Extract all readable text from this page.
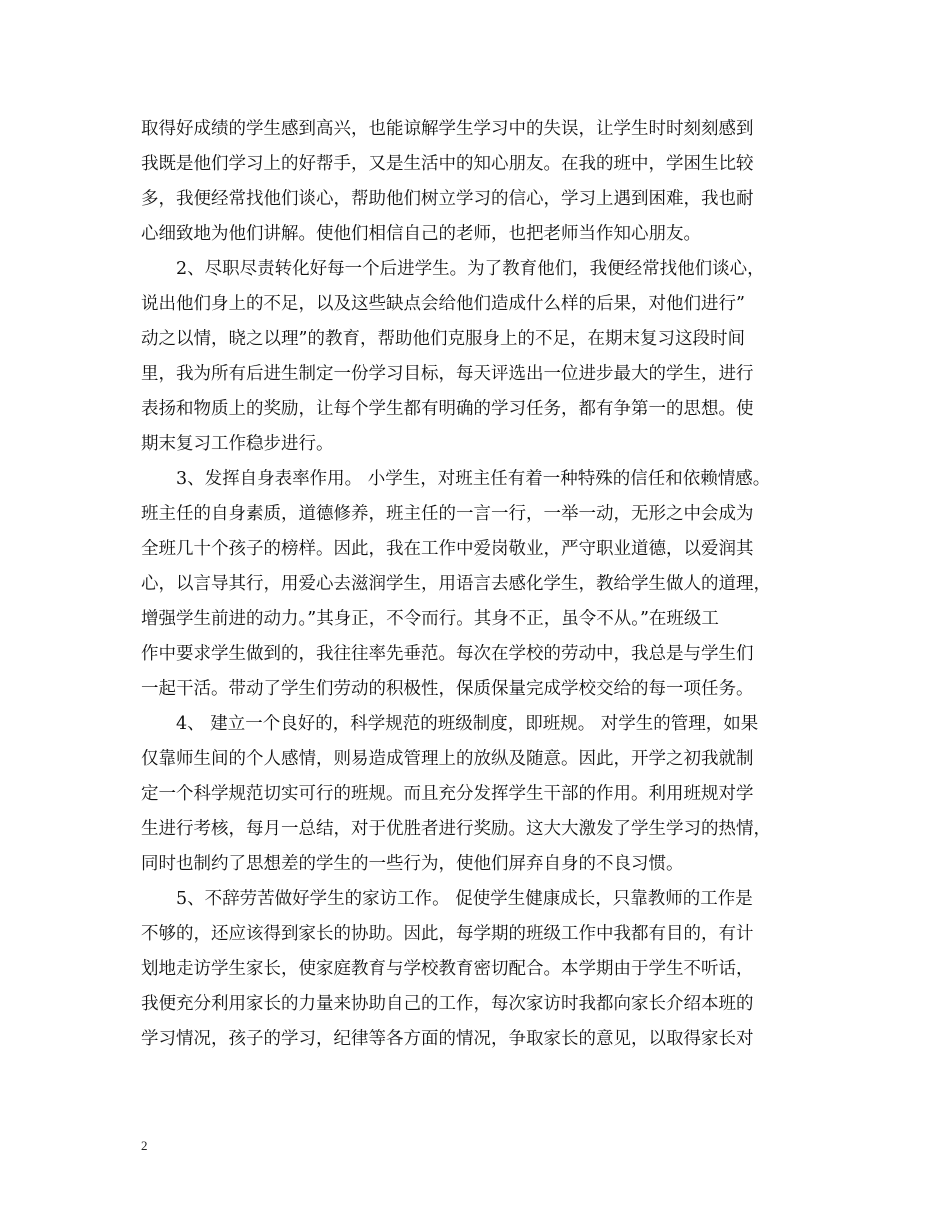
取得好成绩的学生感到高兴，也能谅解学生学习中的失误，让学生时时刻刻感到
我既是他们学习上的好帮手，又是生活中的知心朋友。在我的班中，学困生比较
多，我便经常找他们谈心，帮助他们树立学习的信心，学习上遇到困难，我也耐
心细致地为他们讲解。使他们相信自己的老师，也把老师当作知心朋友。
2、尽职尽责转化好每一个后进学生。为了教育他们，我便经常找他们谈心，
说出他们身上的不足，以及这些缺点会给他们造成什么样的后果，对他们进行”
动之以情，晓之以理”的教育，帮助他们克服身上的不足，在期末复习这段时间
里，我为所有后进生制定一份学习目标，每天评选出一位进步最大的学生，进行
表扬和物质上的奖励，让每个学生都有明确的学习任务，都有争第一的思想。使
期末复习工作稳步进行。
3、发挥自身表率作用。 小学生，对班主任有着一种特殊的信任和依赖情感。
班主任的自身素质，道德修养，班主任的一言一行，一举一动，无形之中会成为
全班几十个孩子的榜样。因此，我在工作中爱岗敬业，严守职业道德，以爱润其
心，以言导其行，用爱心去滋润学生，用语言去感化学生，教给学生做人的道理，
增强学生前进的动力。”其身正，不令而行。其身不正，虽令不从。”在班级工
作中要求学生做到的，我往往率先垂范。每次在学校的劳动中，我总是与学生们
一起干活。带动了学生们劳动的积极性，保质保量完成学校交给的每一项任务。
4、 建立一个良好的，科学规范的班级制度，即班规。 对学生的管理，如果
仅靠师生间的个人感情，则易造成管理上的放纵及随意。因此，开学之初我就制
定一个科学规范切实可行的班规。而且充分发挥学生干部的作用。利用班规对学
生进行考核，每月一总结，对于优胜者进行奖励。这大大激发了学生学习的热情，
同时也制约了思想差的学生的一些行为，使他们屏弃自身的不良习惯。
5、不辞劳苦做好学生的家访工作。 促使学生健康成长，只靠教师的工作是
不够的，还应该得到家长的协助。因此，每学期的班级工作中我都有目的，有计
划地走访学生家长，使家庭教育与学校教育密切配合。本学期由于学生不听话，
我便充分利用家长的力量来协助自己的工作，每次家访时我都向家长介绍本班的
学习情况，孩子的学习，纪律等各方面的情况，争取家长的意见，以取得家长对
2
